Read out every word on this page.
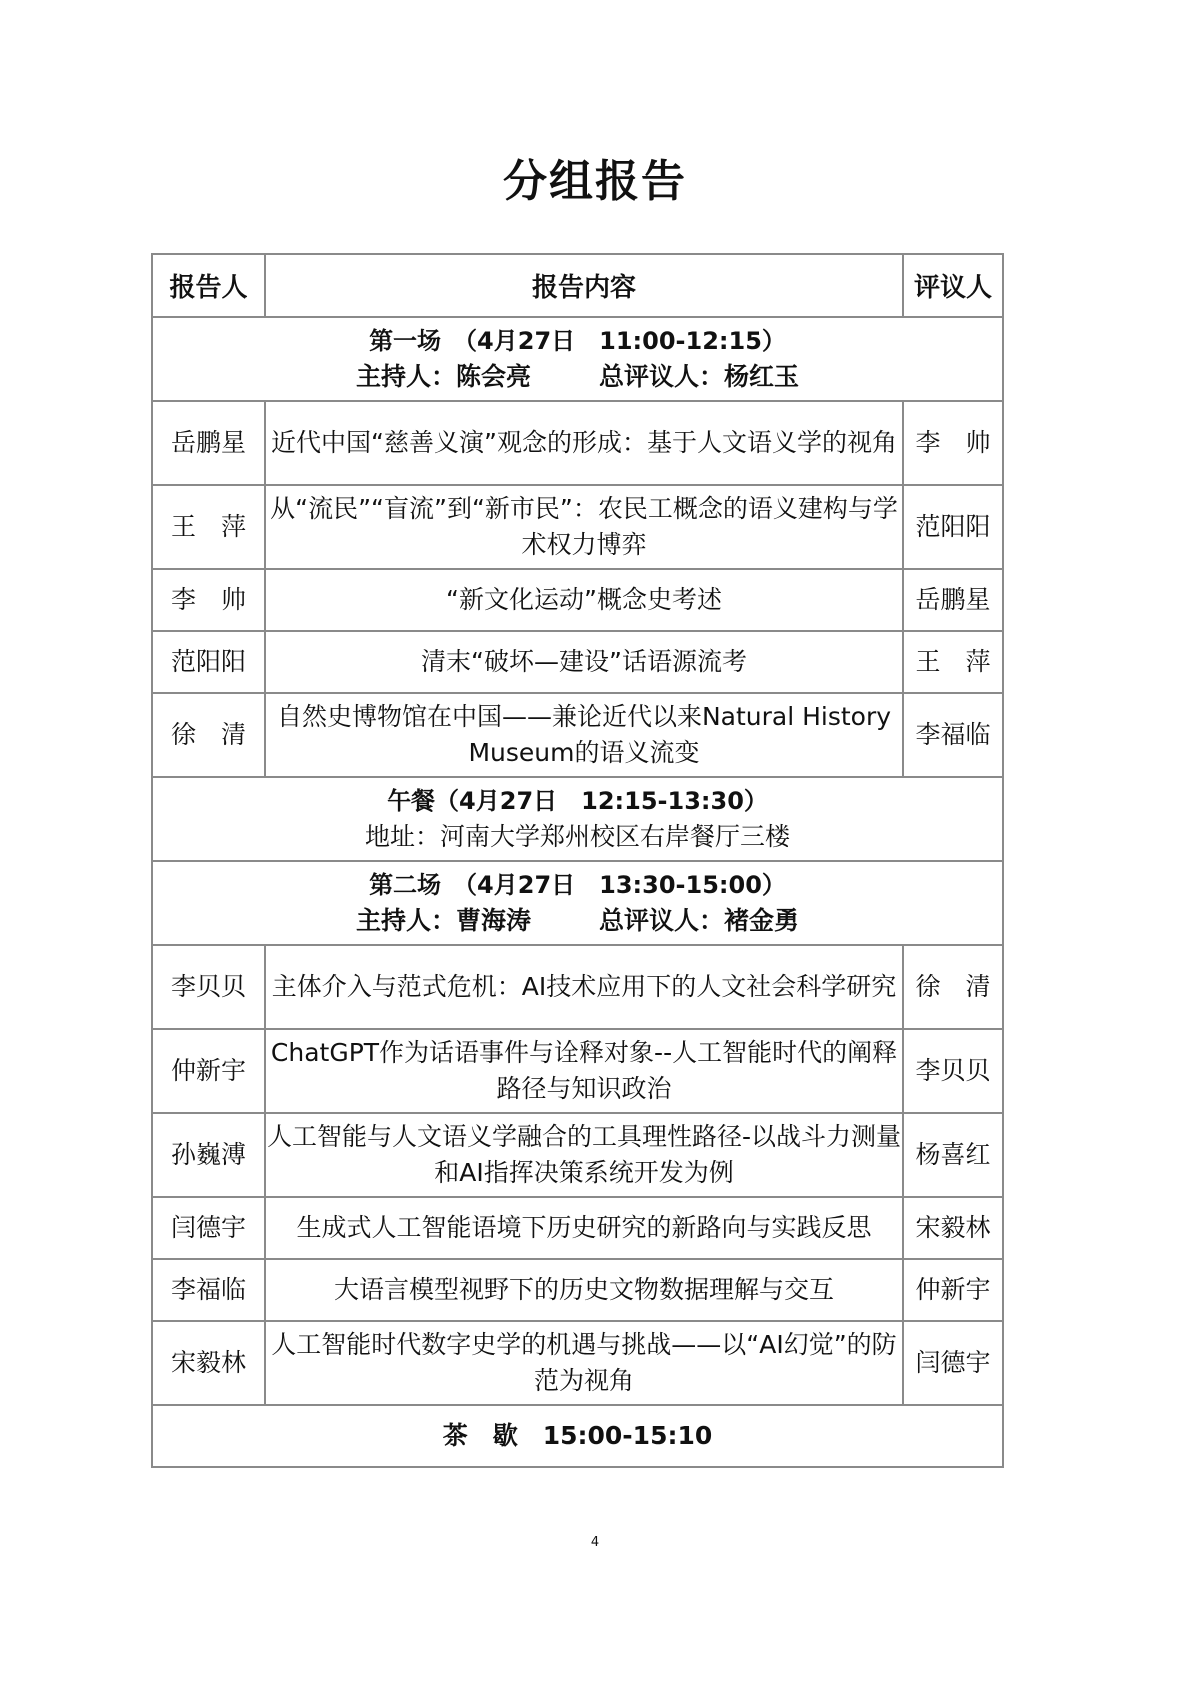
分组报告
报告人	报告内容	评议人

第一场　（4月27日　11:00-12:15）
主持人：陈会亮 总评议人：杨红玉		

岳鹏星	近代中国“慈善义演”观念的形成：基于人文语义学的视角	李　帅
王　萍	从“流民”“盲流”到“新市民”：农民工概念的语义建构与学术权力博弈	范阳阳
李　帅	“新文化运动”概念史考述	岳鹏星
范阳阳	清末“破坏—建设”话语源流考	王　萍
徐　清	自然史博物馆在中国——兼论近代以来Natural History Museum的语义流变	李福临

午餐（4月27日　12:15-13:30）
地址：河南大学郑州校区右岸餐厅三楼		

第二场　（4月27日　13:30-15:00）
主持人：曹海涛 总评议人：褚金勇		

李贝贝	主体介入与范式危机：AI技术应用下的人文社会科学研究	徐　清
仲新宇	ChatGPT作为话语事件与诠释对象--人工智能时代的阐释路径与知识政治	李贝贝
孙巍溥	人工智能与人文语义学融合的工具理性路径-以战斗力测量和AI指挥决策系统开发为例	杨喜红
闫德宇	生成式人工智能语境下历史研究的新路向与实践反思	宋毅林
李福临	大语言模型视野下的历史文物数据理解与交互	仲新宇
宋毅林	人工智能时代数字史学的机遇与挑战——以“AI幻觉”的防范为视角	闫德宇
茶　歇　15:00-15:10		
4
